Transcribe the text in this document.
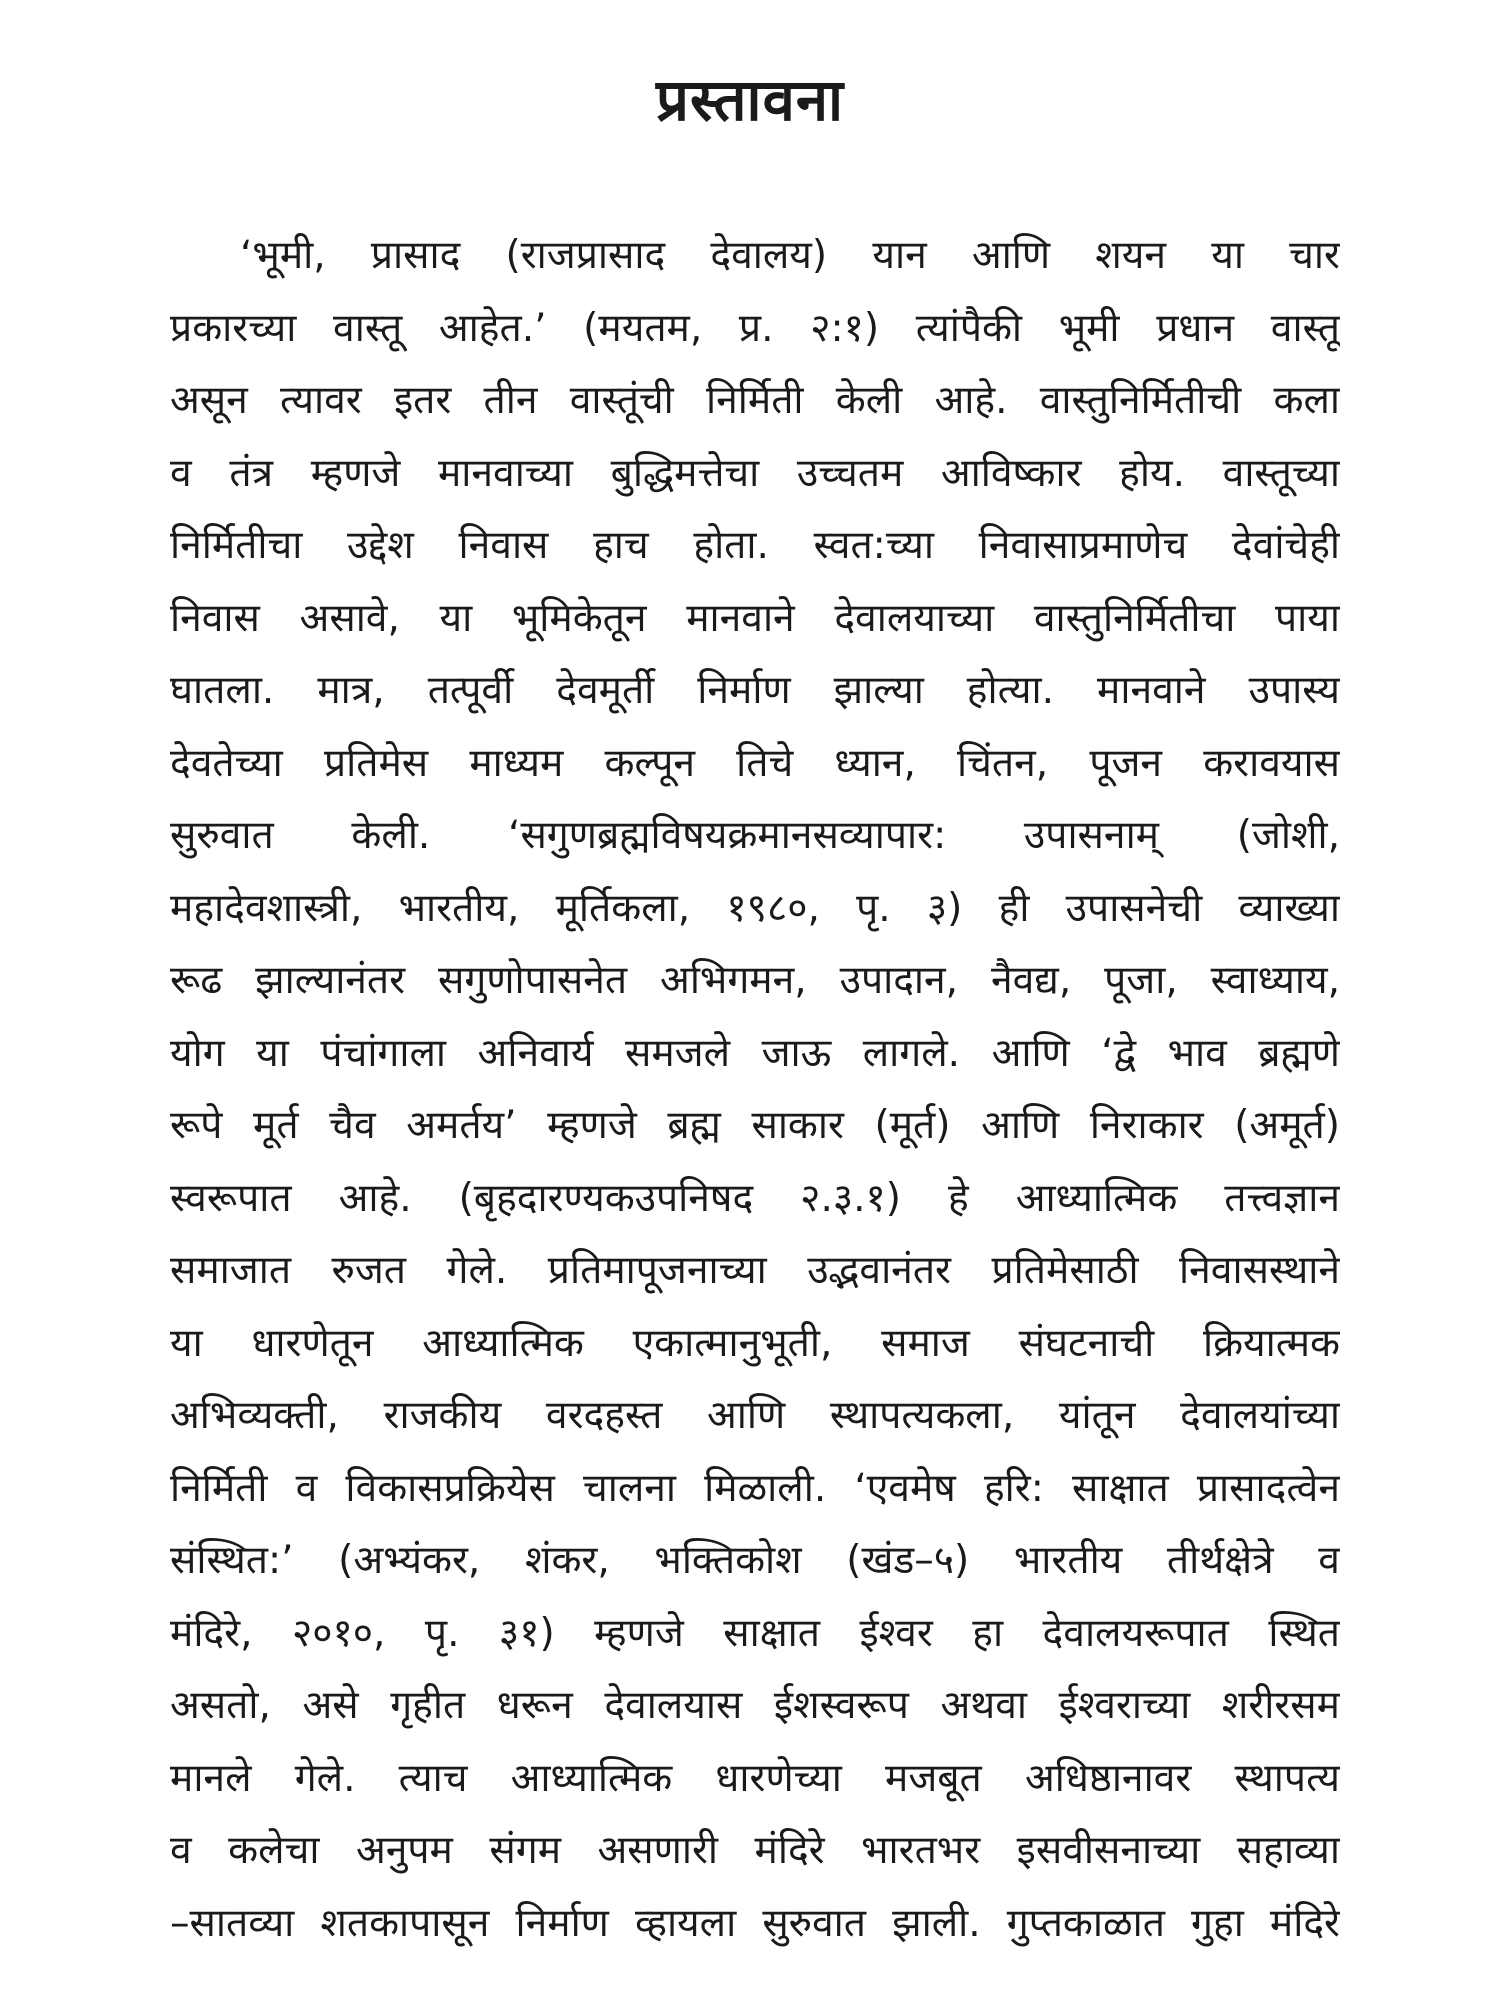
प्रस्तावना
‘भूमी, प्रासाद (राजप्रासाद देवालय) यान आणि शयन या चार
प्रकारच्या वास्तू आहेत.’ (मयतम, प्र. २:१) त्यांपैकी भूमी प्रधान वास्तू
असून त्यावर इतर तीन वास्तूंची निर्मिती केली आहे. वास्तुनिर्मितीची कला
व तंत्र म्हणजे मानवाच्या बुद्धिमत्तेचा उच्चतम आविष्कार होय. वास्तूच्या
निर्मितीचा उद्देश निवास हाच होता. स्वत:च्या निवासाप्रमाणेच देवांचेही
निवास असावे, या भूमिकेतून मानवाने देवालयाच्या वास्तुनिर्मितीचा पाया
घातला. मात्र, तत्पूर्वी देवमूर्ती निर्माण झाल्या होत्या. मानवाने उपास्य
देवतेच्या प्रतिमेस माध्यम कल्पून तिचे ध्यान, चिंतन, पूजन करावयास
सुरुवात केली. ‘सगुणब्रह्मविषयक्रमानसव्यापार: उपासनाम् (जोशी,
महादेवशास्त्री, भारतीय, मूर्तिकला, १९८०, पृ. ३) ही उपासनेची व्याख्या
रूढ झाल्यानंतर सगुणोपासनेत अभिगमन, उपादान, नैवद्य, पूजा, स्वाध्याय,
योग या पंचांगाला अनिवार्य समजले जाऊ लागले. आणि ‘द्वे भाव ब्रह्मणे
रूपे मूर्त चैव अमर्तय’ म्हणजे ब्रह्म साकार (मूर्त) आणि निराकार (अमूर्त)
स्वरूपात आहे. (बृहदारण्यकउपनिषद २.३.१) हे आध्यात्मिक तत्त्वज्ञान
समाजात रुजत गेले. प्रतिमापूजनाच्या उद्भवानंतर प्रतिमेसाठी निवासस्थाने
या धारणेतून आध्यात्मिक एकात्मानुभूती, समाज संघटनाची क्रियात्मक
अभिव्यक्ती, राजकीय वरदहस्त आणि स्थापत्यकला, यांतून देवालयांच्या
निर्मिती व विकासप्रक्रियेस चालना मिळाली. ‘एवमेष हरि: साक्षात प्रासादत्वेन
संस्थित:’ (अभ्यंकर, शंकर, भक्तिकोश (खंड–५) भारतीय तीर्थक्षेत्रे व
मंदिरे, २०१०, पृ. ३१) म्हणजे साक्षात ईश्वर हा देवालयरूपात स्थित
असतो, असे गृहीत धरून देवालयास ईशस्वरूप अथवा ईश्वराच्या शरीरसम
मानले गेले. त्याच आध्यात्मिक धारणेच्या मजबूत अधिष्ठानावर स्थापत्य
व कलेचा अनुपम संगम असणारी मंदिरे भारतभर इसवीसनाच्या सहाव्या
–सातव्या शतकापासून निर्माण व्हायला सुरुवात झाली. गुप्तकाळात गुहा मंदिरे
